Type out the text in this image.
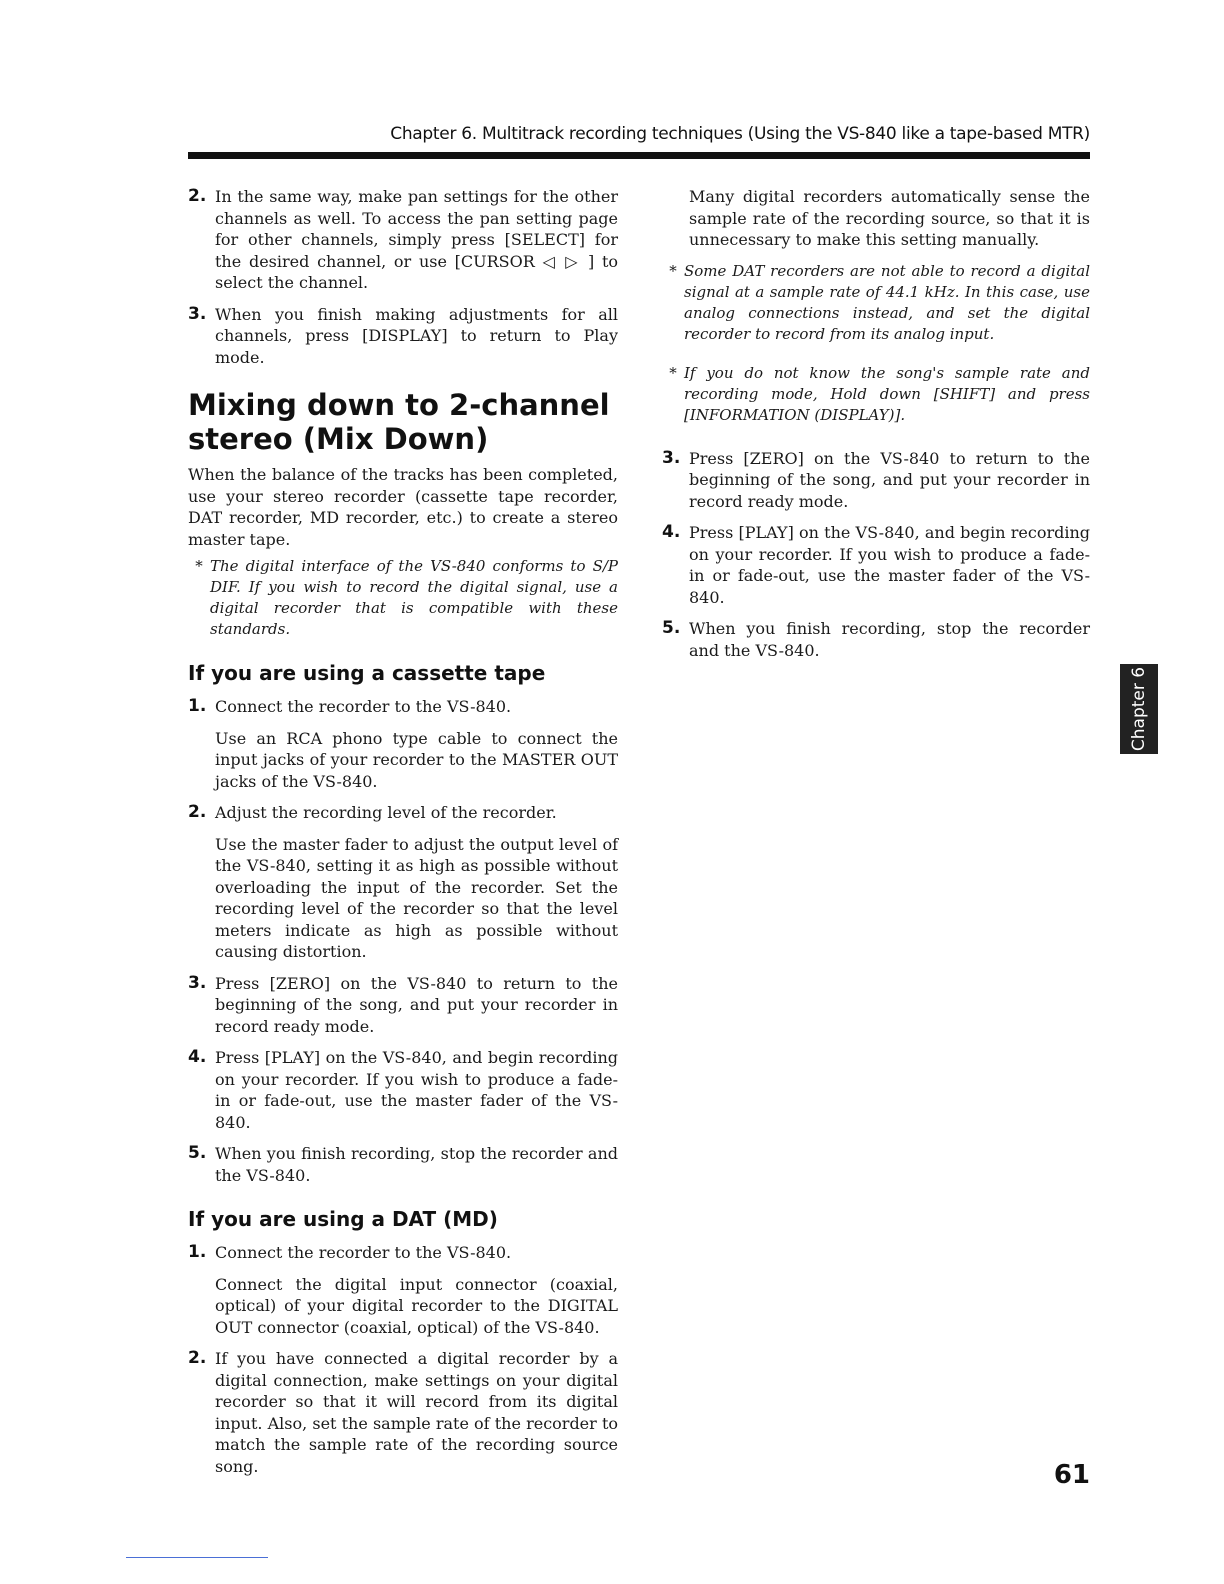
Chapter 6. Multitrack recording techniques (Using the VS-840 like a tape-based MTR)
2. In the same way, make pan settings for the other channels as well. To access the pan setting page for other channels, simply press [SELECT] for the desired channel, or use [CURSOR ◁ ▷ ] to select the channel.
3. When you finish making adjustments for all channels, press [DISPLAY] to return to Play mode.
Mixing down to 2-channel stereo (Mix Down)

When the balance of the tracks has been completed, use your stereo recorder (cassette tape recorder, DAT recorder, MD recorder, etc.) to create a stereo master tape.

* The digital interface of the VS-840 conforms to S/P DIF. If you wish to record the digital signal, use a digital recorder that is compatible with these standards.
If you are using a cassette tape
1. Connect the recorder to the VS-840.

Use an RCA phono type cable to connect the input jacks of your recorder to the MASTER OUT jacks of the VS-840.

2. Adjust the recording level of the recorder.

Use the master fader to adjust the output level of the VS-840, setting it as high as possible without overloading the input of the recorder. Set the recording level of the recorder so that the level meters indicate as high as possible without causing distortion.

3. Press [ZERO] on the VS-840 to return to the beginning of the song, and put your recorder in record ready mode.
4. Press [PLAY] on the VS-840, and begin recording on your recorder. If you wish to produce a fade-in or fade-out, use the master fader of the VS-840.
5. When you finish recording, stop the recorder and the VS-840.
If you are using a DAT (MD)
1. Connect the recorder to the VS-840.

Connect the digital input connector (coaxial, optical) of your digital recorder to the DIGITAL OUT connector (coaxial, optical) of the VS-840.

2. If you have connected a digital recorder by a digital connection, make settings on your digital recorder so that it will record from its digital input. Also, set the sample rate of the recorder to match the sample rate of the recording source song.

Many digital recorders automatically sense the sample rate of the recording source, so that it is unnecessary to make this setting manually.

* Some DAT recorders are not able to record a digital signal at a sample rate of 44.1 kHz. In this case, use analog connections instead, and set the digital recorder to record from its analog input.
* If you do not know the song's sample rate and recording mode, Hold down [SHIFT] and press [INFORMATION (DISPLAY)].
3. Press [ZERO] on the VS-840 to return to the beginning of the song, and put your recorder in record ready mode.
4. Press [PLAY] on the VS-840, and begin recording on your recorder. If you wish to produce a fade-in or fade-out, use the master fader of the VS-840.
5. When you finish recording, stop the recorder and the VS-840.
Chapter 6
61
